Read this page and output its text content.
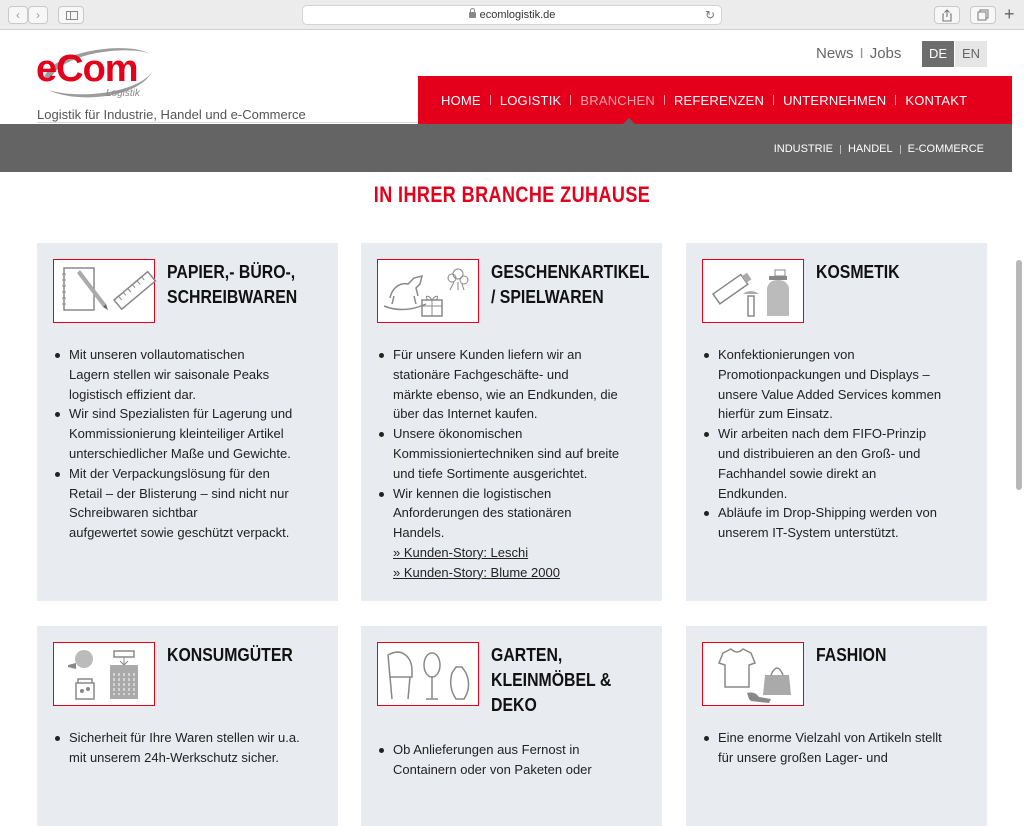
‹	›	ecomlogistik.de	↻	+
eCom
Logistik
Logistik für Industrie, Handel und e-Commerce
News I Jobs	DE	EN
HOME	LOGISTIK	BRANCHEN	REFERENZEN	UNTERNEHMEN	KONTAKT
INDUSTRIE HANDEL E-COMMERCE
IN IHRER BRANCHE ZUHAUSE
PAPIER,- BÜRO-,
SCHREIBWAREN
Mit unseren vollautomatischen
Lagern stellen wir saisonale Peaks
logistisch effizient dar.
Wir sind Spezialisten für Lagerung und
Kommissionierung kleinteiliger Artikel
unterschiedlicher Maße und Gewichte.
Mit der Verpackungslösung für den
Retail – der Blisterung – sind nicht nur
Schreibwaren sichtbar
aufgewertet sowie geschützt verpackt.
GESCHENKARTIKEL
/ SPIELWAREN
Für unsere Kunden liefern wir an
stationäre Fachgeschäfte- und
märkte ebenso, wie an Endkunden, die
über das Internet kaufen.
Unsere ökonomischen
Kommissioniertechniken sind auf breite
und tiefe Sortimente ausgerichtet.
Wir kennen die logistischen
Anforderungen des stationären
Handels.
» Kunden-Story: Leschi
» Kunden-Story: Blume 2000
KOSMETIK
Konfektionierungen von
Promotionpackungen und Displays –
unsere Value Added Services kommen
hierfür zum Einsatz.
Wir arbeiten nach dem FIFO-Prinzip
und distribuieren an den Groß- und
Fachhandel sowie direkt an
Endkunden.
Abläufe im Drop-Shipping werden von
unserem IT-System unterstützt.
KONSUMGÜTER
Sicherheit für Ihre Waren stellen wir u.a.
mit unserem 24h-Werkschutz sicher.
GARTEN,
KLEINMÖBEL &
DEKO
Ob Anlieferungen aus Fernost in
Containern oder von Paketen oder
FASHION
Eine enorme Vielzahl von Artikeln stellt
für unsere großen Lager- und
